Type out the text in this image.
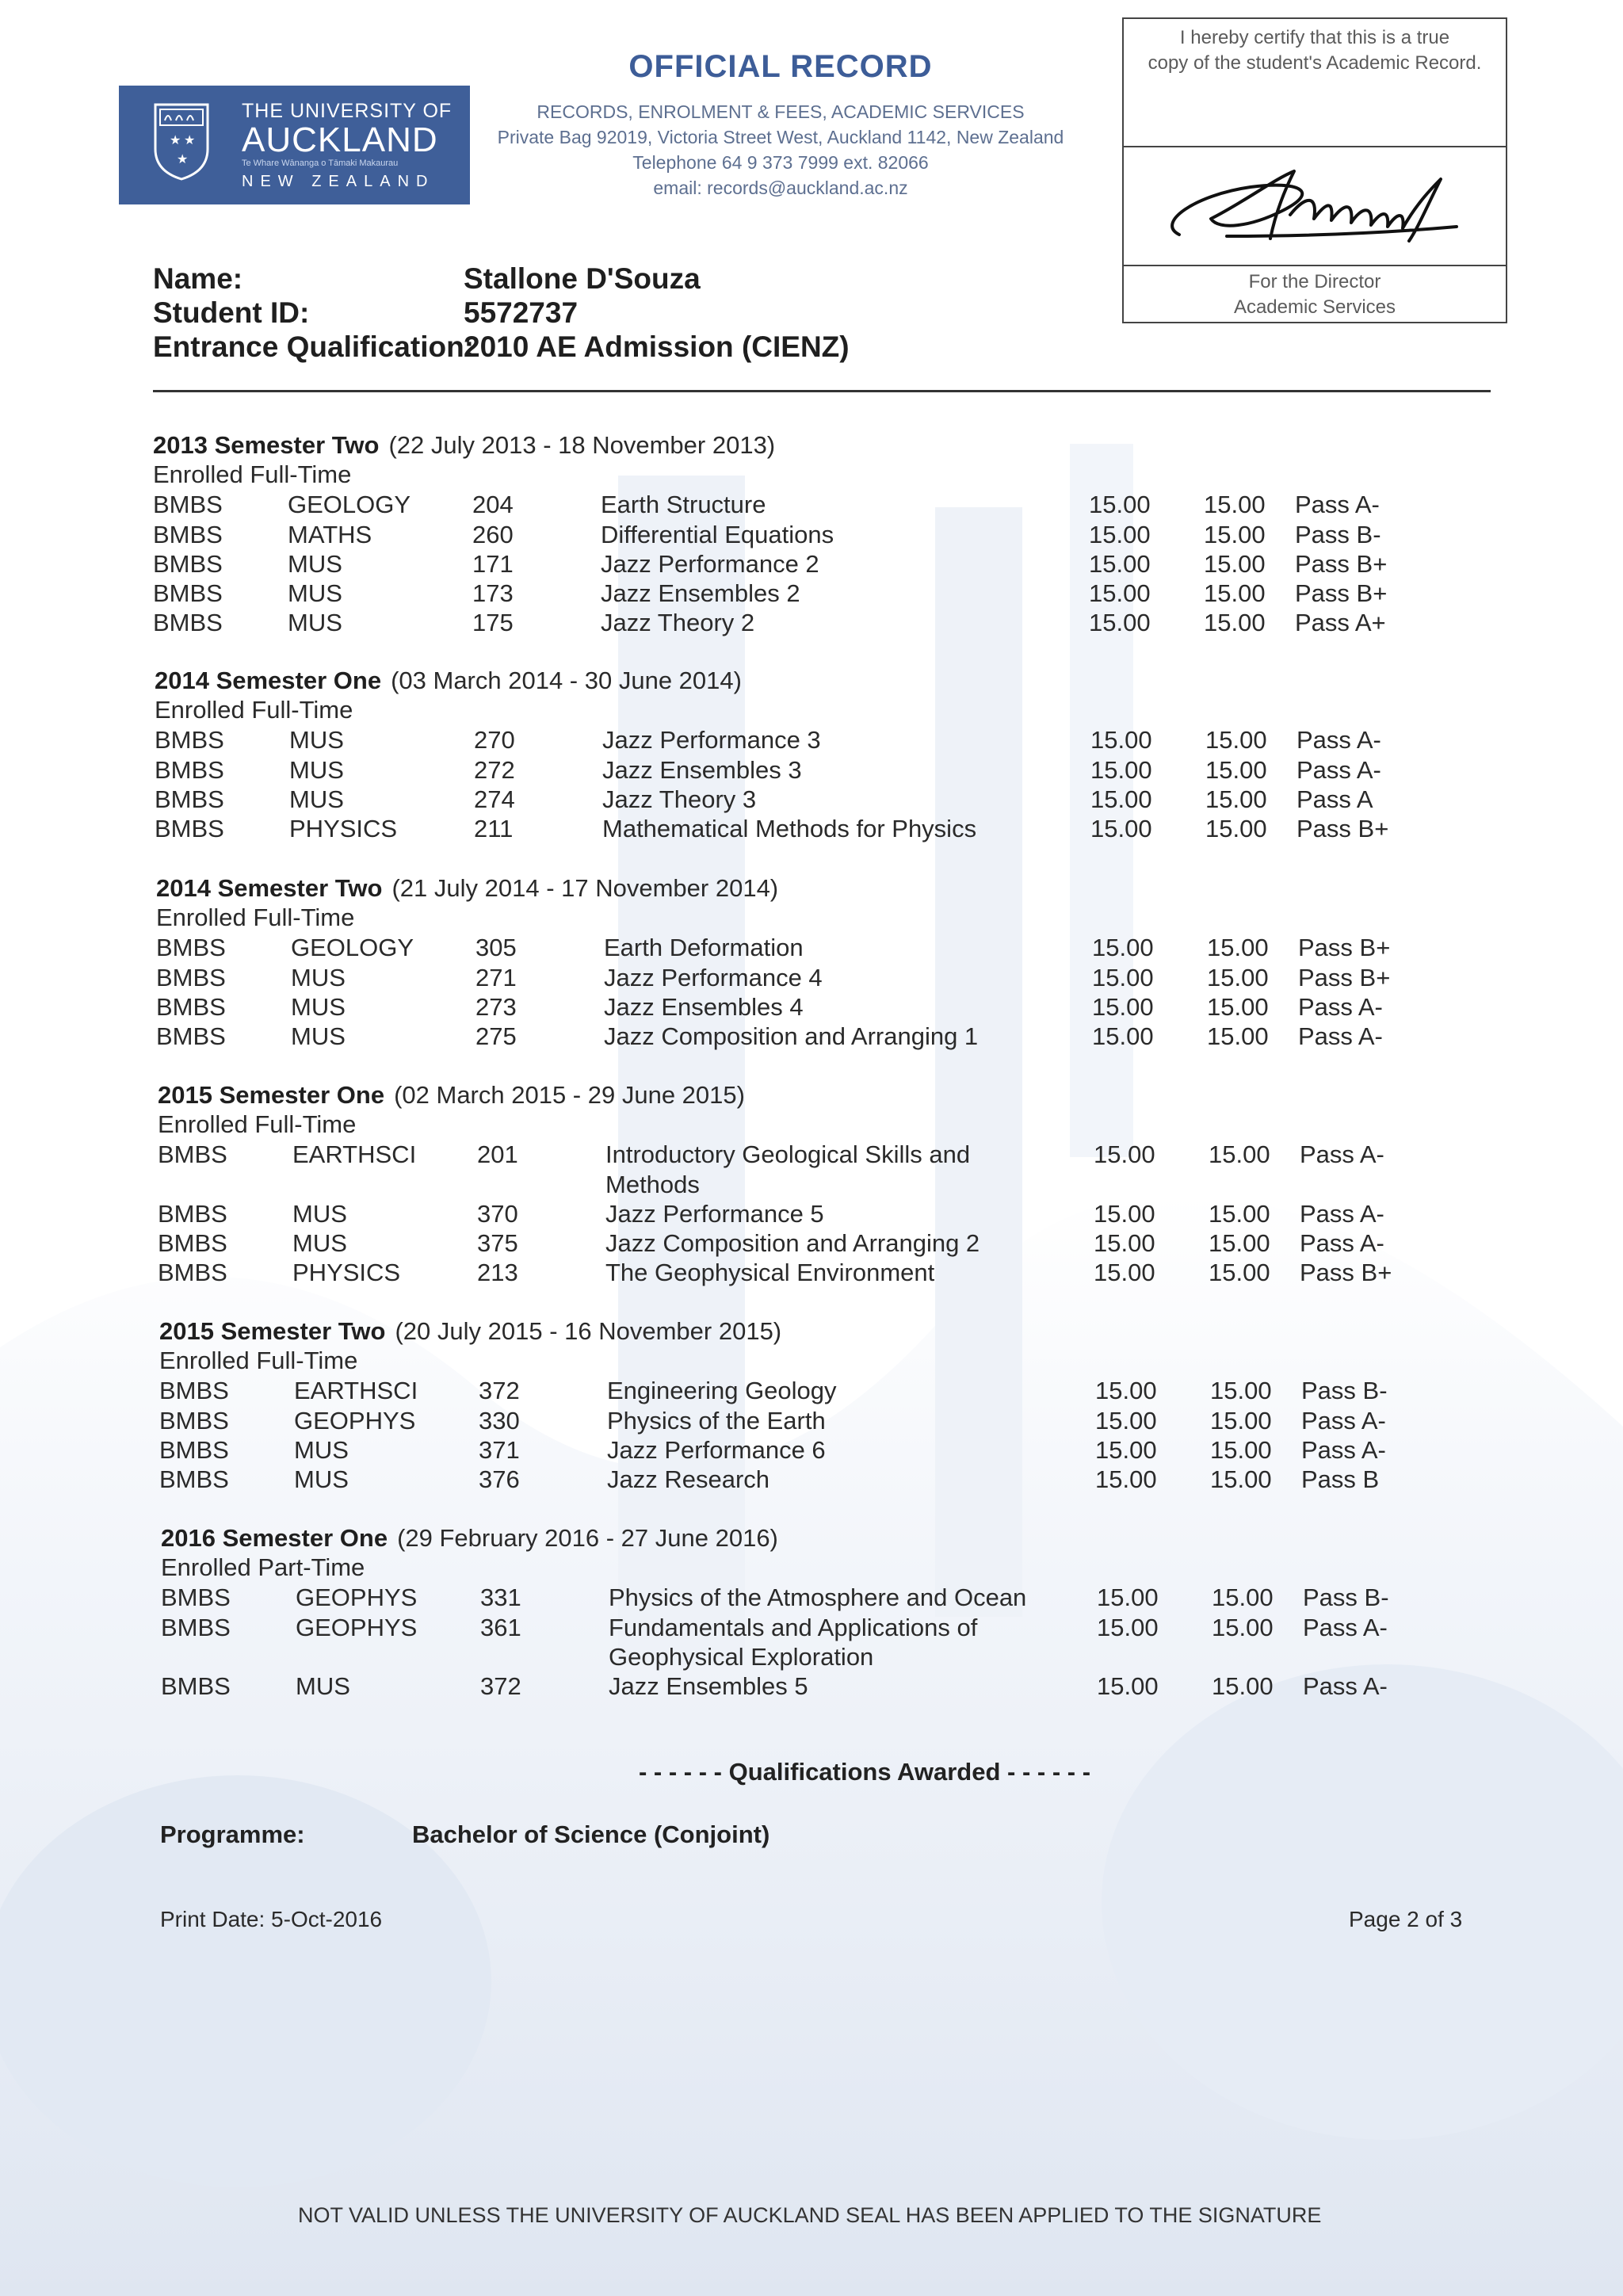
★ ★
★
THE UNIVERSITY OF
AUCKLAND
Te Whare Wānanga o Tāmaki Makaurau
NEW ZEALAND
OFFICIAL RECORD
RECORDS, ENROLMENT & FEES, ACADEMIC SERVICES
Private Bag 92019, Victoria Street West, Auckland 1142, New Zealand
Telephone 64 9 373 7999 ext. 82066
email: records@auckland.ac.nz
I hereby certify that this is a true
copy of the student's Academic Record.
For the Director
Academic Services
Name:	Stallone D'Souza
Student ID:	5572737
Entrance Qualification:
2010 AE Admission (CIENZ)
2013 Semester Two (22 July 2013 - 18 November 2013)
Enrolled Full-Time
BMBS	GEOLOGY	204	Earth Structure	15.00 15.00 Pass A-
BMBS	MATHS	260	Differential Equations	15.00 15.00 Pass B-
BMBS	MUS	171	Jazz Performance 2	15.00 15.00 Pass B+
BMBS	MUS	173	Jazz Ensembles 2	15.00 15.00 Pass B+
BMBS	MUS	175	Jazz Theory 2	15.00 15.00 Pass A+
2014 Semester One (03 March 2014 - 30 June 2014)
Enrolled Full-Time
BMBS	MUS	270	Jazz Performance 3	15.00 15.00 Pass A-
BMBS	MUS	272	Jazz Ensembles 3	15.00 15.00 Pass A-
BMBS	MUS	274	Jazz Theory 3	15.00 15.00 Pass A
BMBS	PHYSICS	211	Mathematical Methods for Physics	15.00 15.00 Pass B+
2014 Semester Two (21 July 2014 - 17 November 2014)
Enrolled Full-Time
BMBS	GEOLOGY	305	Earth Deformation	15.00 15.00 Pass B+
BMBS	MUS	271	Jazz Performance 4	15.00 15.00 Pass B+
BMBS	MUS	273	Jazz Ensembles 4	15.00 15.00 Pass A-
BMBS	MUS	275	Jazz Composition and Arranging 1	15.00 15.00 Pass A-
2015 Semester One (02 March 2015 - 29 June 2015)
Enrolled Full-Time
BMBS	EARTHSCI 201	Introductory Geological Skills and	15.00 15.00 Pass A-
Methods
BMBS	MUS	370	Jazz Performance 5	15.00 15.00 Pass A-
BMBS	MUS	375	Jazz Composition and Arranging 2	15.00 15.00 Pass A-
BMBS	PHYSICS	213	The Geophysical Environment	15.00 15.00 Pass B+
2015 Semester Two (20 July 2015 - 16 November 2015)
Enrolled Full-Time
BMBS	EARTHSCI 372	Engineering Geology	15.00 15.00 Pass B-
BMBS	GEOPHYS	330	Physics of the Earth	15.00 15.00 Pass A-
BMBS	MUS	371	Jazz Performance 6	15.00 15.00 Pass A-
BMBS	MUS	376	Jazz Research	15.00 15.00 Pass B
2016 Semester One (29 February 2016 - 27 June 2016)
Enrolled Part-Time
BMBS	GEOPHYS	331	Physics of the Atmosphere and Ocean	15.00 15.00 Pass B-
BMBS	GEOPHYS	361	Fundamentals and Applications of	15.00 15.00 Pass A-
Geophysical Exploration
BMBS	MUS	372	Jazz Ensembles 5	15.00 15.00 Pass A-
- - - - - - Qualifications Awarded - - - - - -
Programme:	Bachelor of Science (Conjoint)
Print Date: 5-Oct-2016	Page 2 of 3
NOT VALID UNLESS THE UNIVERSITY OF AUCKLAND SEAL HAS BEEN APPLIED TO THE SIGNATURE
